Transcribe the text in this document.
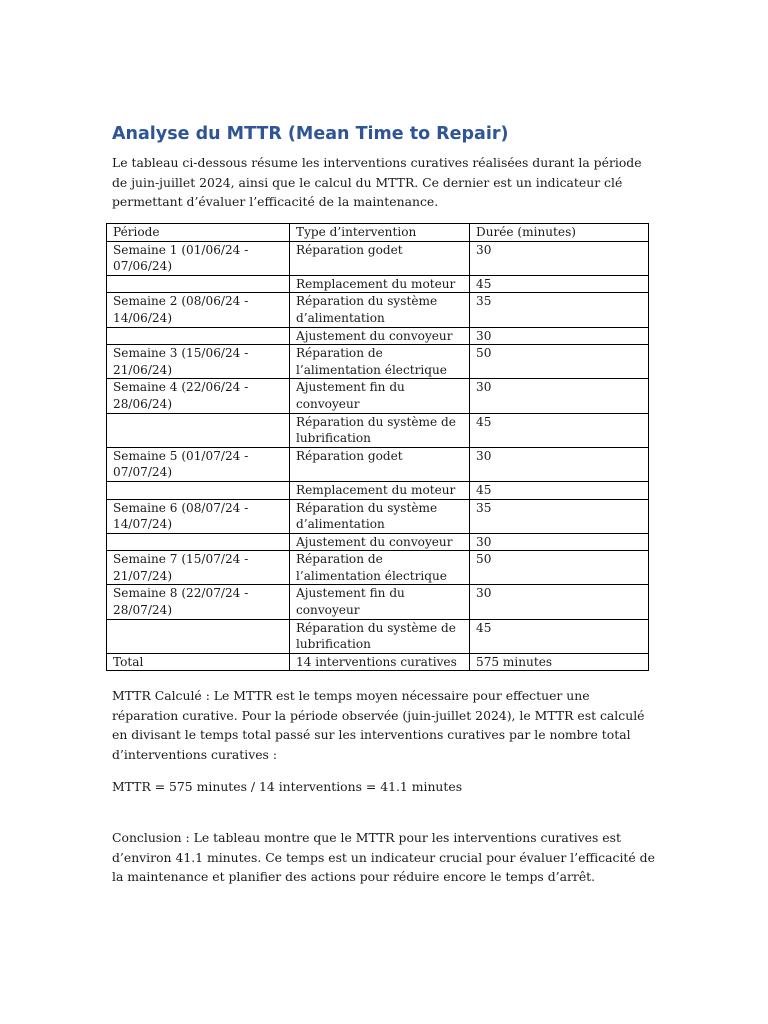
Analyse du MTTR (Mean Time to Repair)

Le tableau ci-dessous résume les interventions curatives réalisées durant la période de juin-juillet 2024, ainsi que le calcul du MTTR. Ce dernier est un indicateur clé permettant d’évaluer l’efficacité de la maintenance.

Période	Type d’intervention	Durée (minutes)
Semaine 1 (01/06/24 - 07/06/24)	Réparation godet	30
	Remplacement du moteur	45
Semaine 2 (08/06/24 - 14/06/24)	Réparation du système d’alimentation	35
	Ajustement du convoyeur	30
Semaine 3 (15/06/24 - 21/06/24)	Réparation de l’alimentation électrique	50
Semaine 4 (22/06/24 - 28/06/24)	Ajustement fin du convoyeur	30
	Réparation du système de lubrification	45
Semaine 5 (01/07/24 - 07/07/24)	Réparation godet	30
	Remplacement du moteur	45
Semaine 6 (08/07/24 - 14/07/24)	Réparation du système d’alimentation	35
	Ajustement du convoyeur	30
Semaine 7 (15/07/24 - 21/07/24)	Réparation de l’alimentation électrique	50
Semaine 8 (22/07/24 - 28/07/24)	Ajustement fin du convoyeur	30
	Réparation du système de lubrification	45
Total	14 interventions curatives	575 minutes

MTTR Calculé : Le MTTR est le temps moyen nécessaire pour effectuer une réparation curative. Pour la période observée (juin-juillet 2024), le MTTR est calculé en divisant le temps total passé sur les interventions curatives par le nombre total d’interventions curatives :

MTTR = 575 minutes / 14 interventions = 41.1 minutes

Conclusion : Le tableau montre que le MTTR pour les interventions curatives est d’environ 41.1 minutes. Ce temps est un indicateur crucial pour évaluer l’efficacité de la maintenance et planifier des actions pour réduire encore le temps d’arrêt.
